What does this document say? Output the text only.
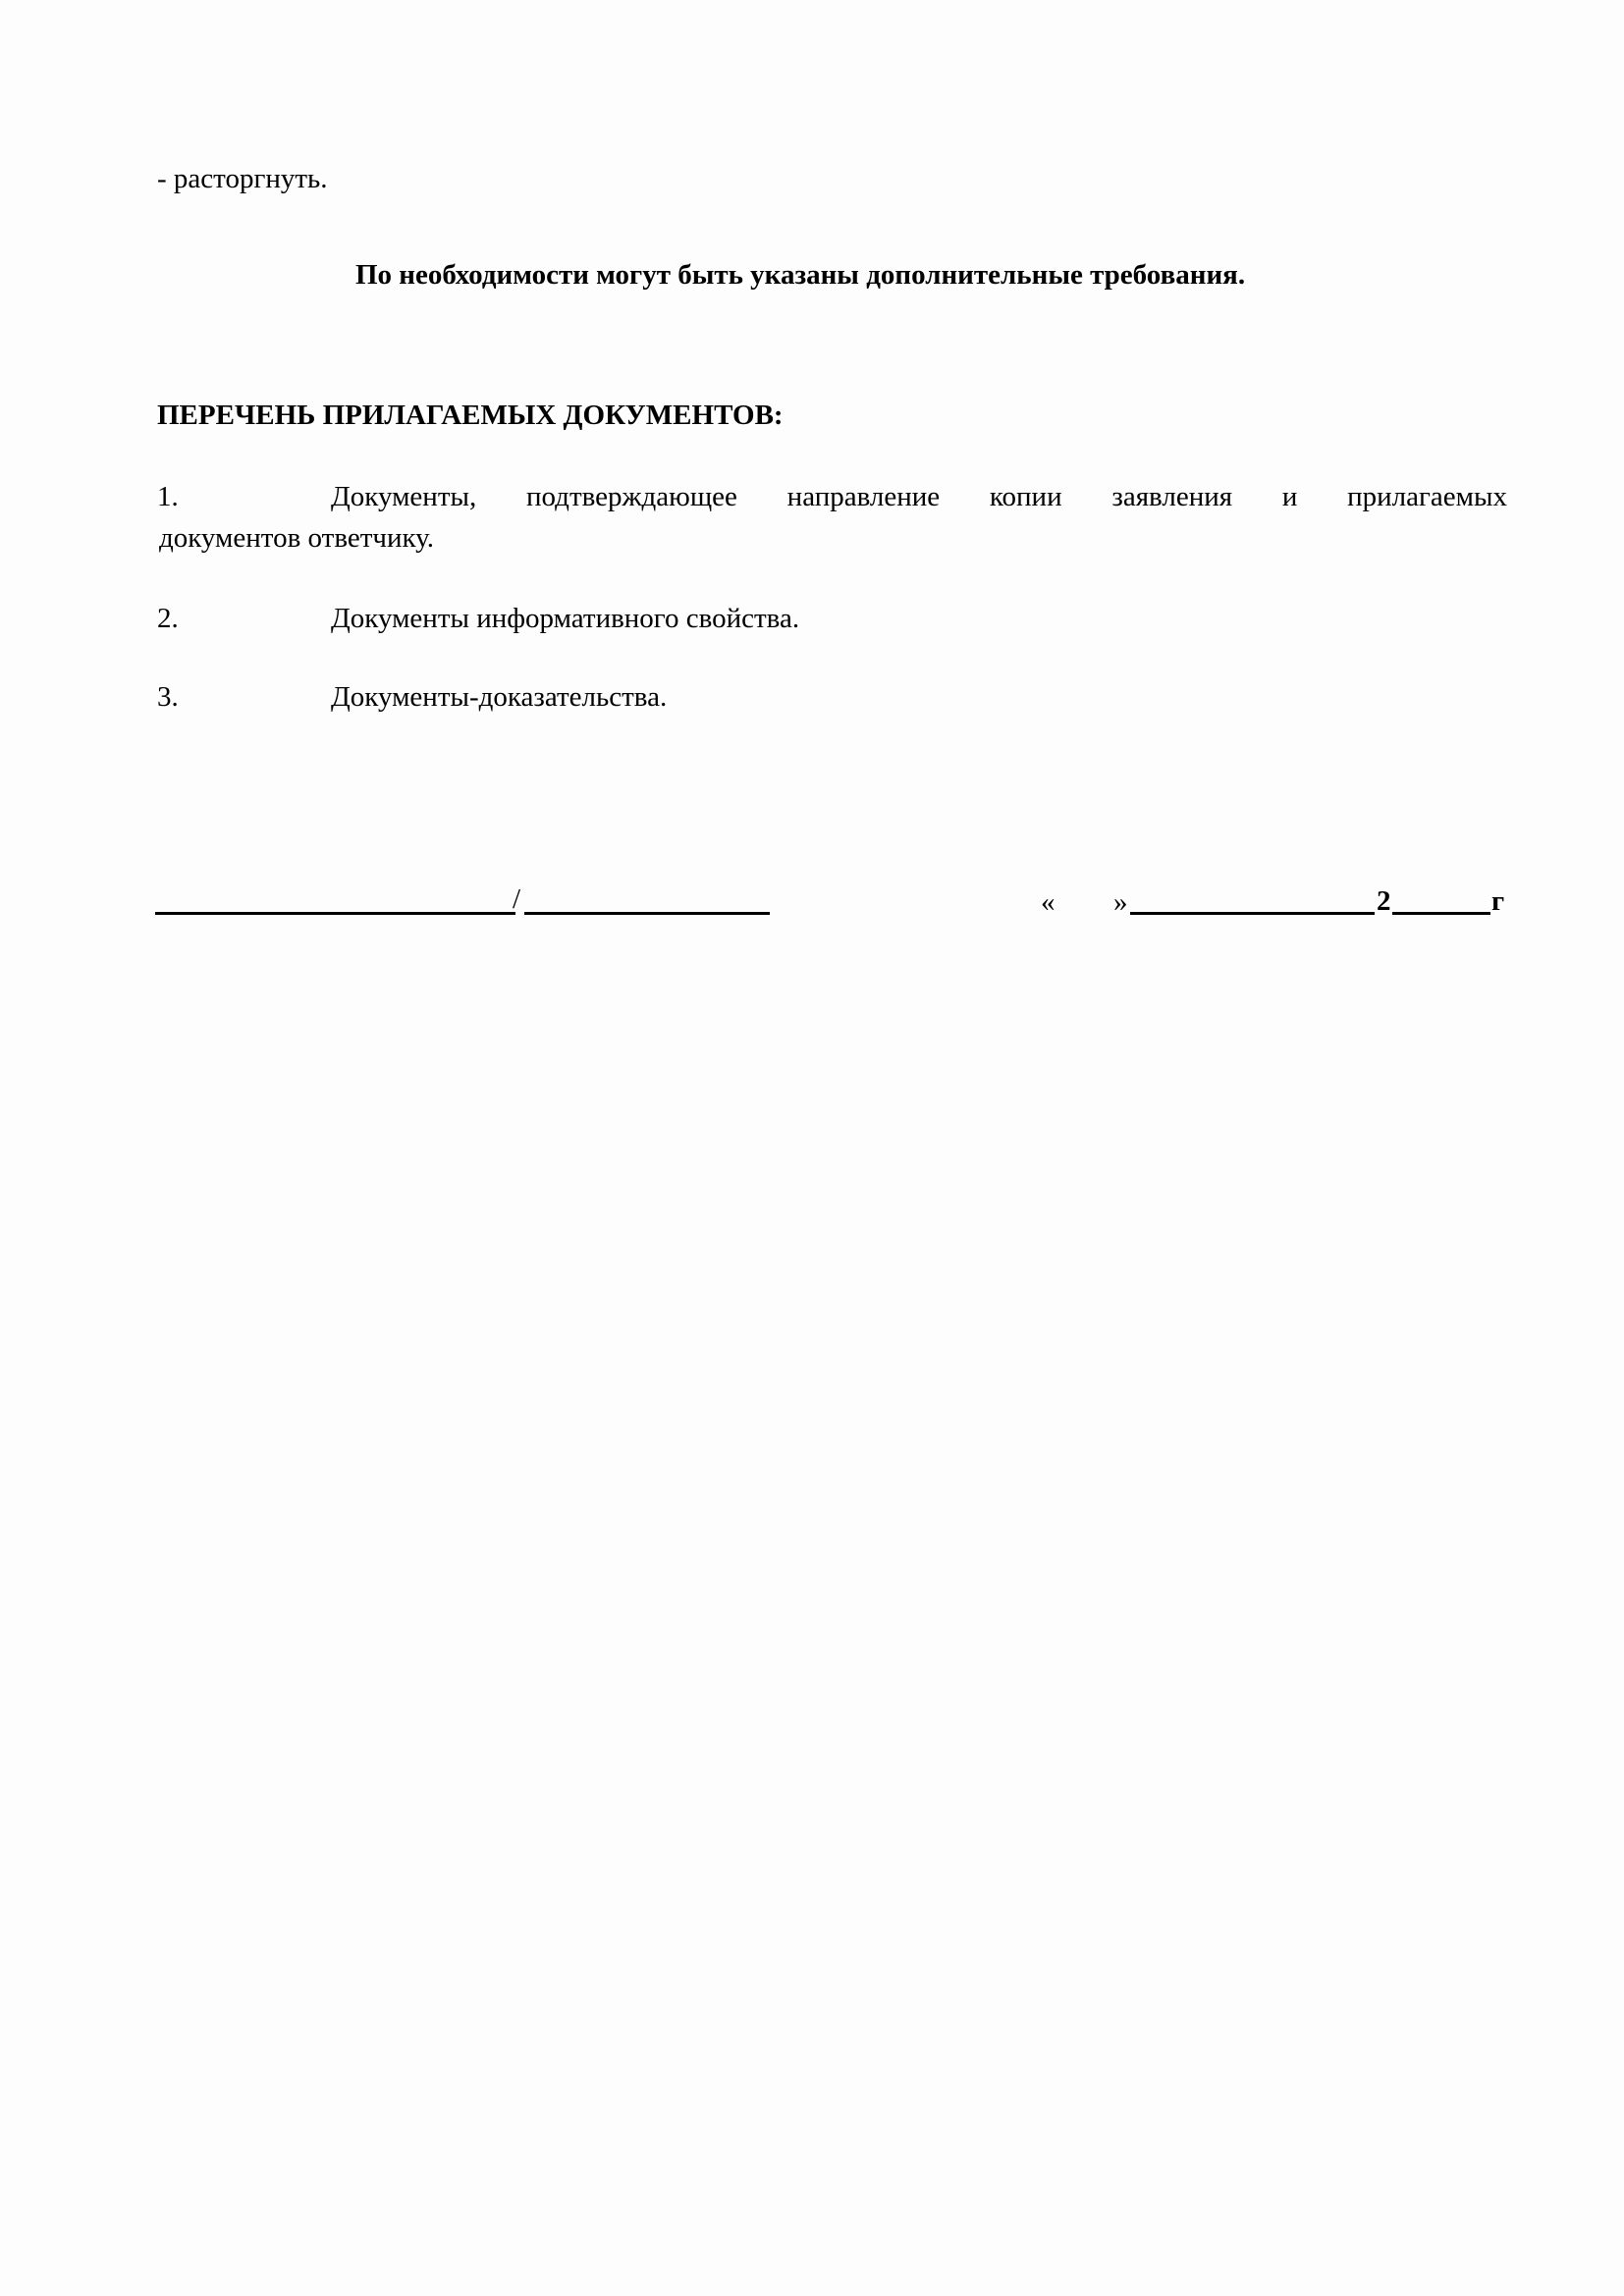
- расторгнуть.
По необходимости могут быть указаны дополнительные требования.
ПЕРЕЧЕНЬ ПРИЛАГАЕМЫХ ДОКУМЕНТОВ:
1.	Документы, подтверждающее направление копии заявления и прилагаемых
документов ответчику.
2.	Документы информативного свойства.
3.	Документы-доказательства.
/	« »	2	г
